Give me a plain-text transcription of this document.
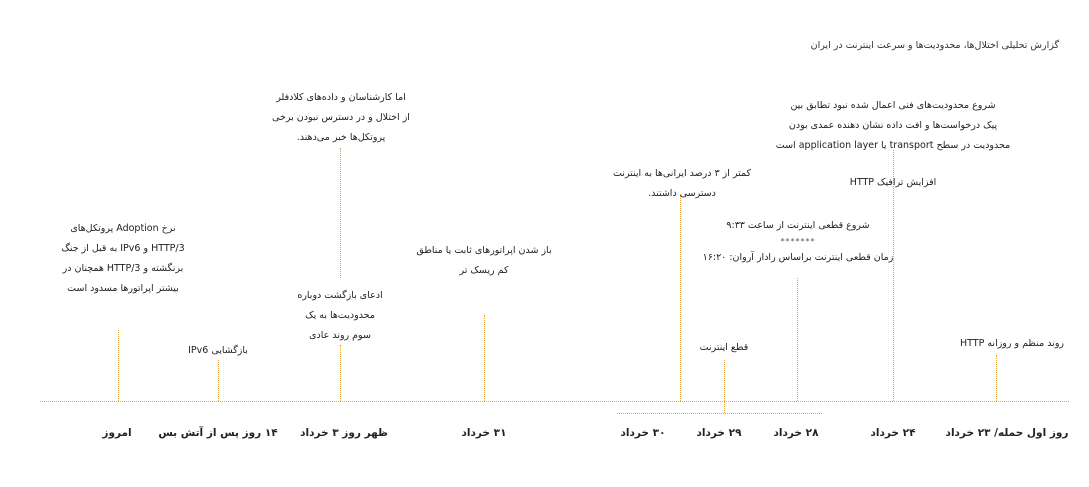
گزارش تحلیلی اختلال‌ها، محدودیت‌ها و سرعت اینترنت در ایران
امروز	۱۴ روز پس از آتش بس ظهر روز ۳ خرداد	۳۱ خرداد	۳۰ خرداد	۲۹ خرداد	۲۸ خرداد	۲۴ خرداد	روز اول حمله/ ۲۳ خرداد
نرخ Adoption پروتکل‌های
HTTP/3 و IPv6 به قبل از جنگ
برنگشته و HTTP/3 همچنان در
بیشتر اپراتورها مسدود است
بازگشایی IPv6
اما کارشناسان و داده‌های کلادفلر
از اختلال و در دسترس نبودن برخی
پروتکل‌ها خبر می‌دهند.
ادعای بازگشت دوباره
محدودیت‌ها به یک
سوم روند عادی
باز شدن اپراتورهای ثابت یا مناطق
کم ریسک تر
کمتر از ۳ درصد ایرانی‌ها به اینترنت
دسترسی داشتند.
قطع اینترنت
شروع قطعی اینترنت از ساعت ۹:۳۳
*******
زمان قطعی اینترنت براساس رادار آروان: ۱۶:۲۰
شروع محدودیت‌های فنی اعمال شده نبود تطابق بین
پیک درخواست‌ها و افت داده نشان دهنده عمدی بودن
محدودیت در سطح transport یا application layer است
افزایش ترافیک HTTP
روند منظم و روزانه HTTP
